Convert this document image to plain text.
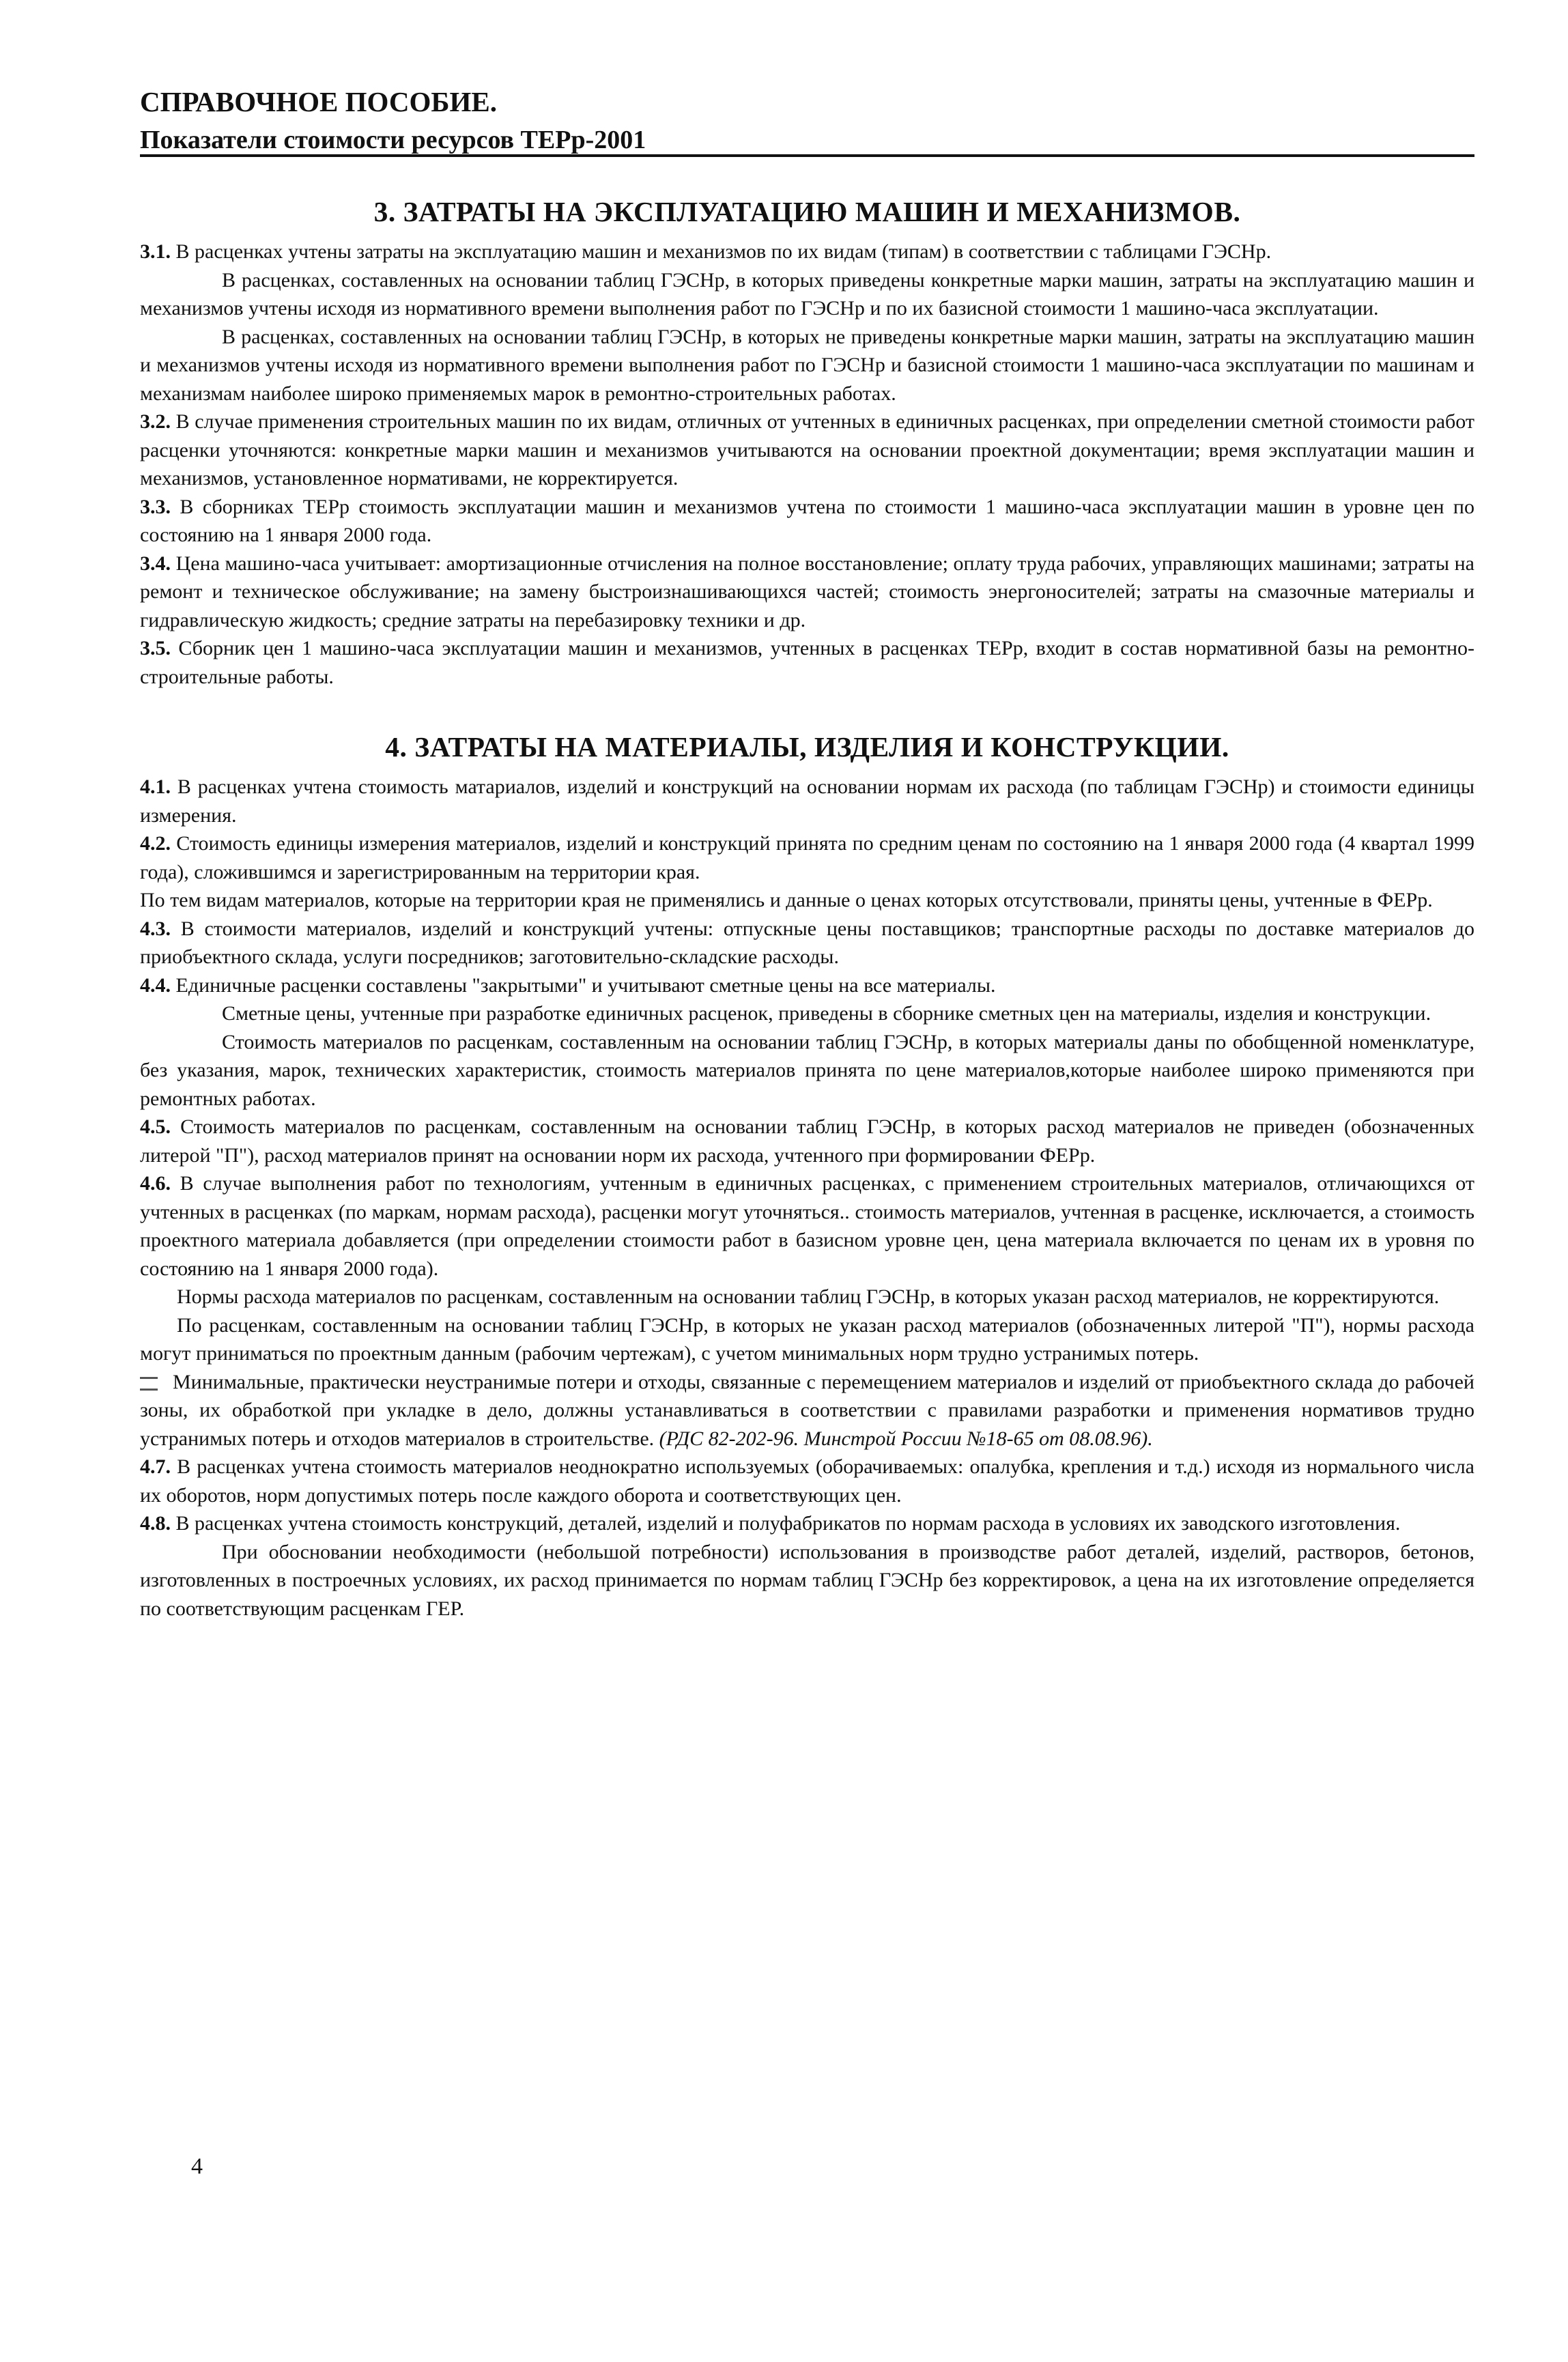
СПРАВОЧНОЕ ПОСОБИЕ.
Показатели стоимости ресурсов ТЕРр-2001
3. ЗАТРАТЫ НА ЭКСПЛУАТАЦИЮ МАШИН И МЕХАНИЗМОВ.

3.1. В расценках учтены затраты на эксплуатацию машин и механизмов по их видам (типам) в соответствии с таблицами ГЭСНр.

В расценках, составленных на основании таблиц ГЭСНр, в которых приведены конкретные марки машин, затраты на эксплуатацию машин и механизмов учтены исходя из нормативного времени выполнения работ по ГЭСНр и по их базисной стоимости 1 машино-часа эксплуатации.

В расценках, составленных на основании таблиц ГЭСНр, в которых не приведены конкретные марки машин, затраты на эксплуатацию машин и механизмов учтены исходя из нормативного времени выполнения работ по ГЭСНр и базисной стоимости 1 машино-часа эксплуатации по машинам и механизмам наиболее широко применяемых марок в ремонтно-строительных работах.

3.2. В случае применения строительных машин по их видам, отличных от учтенных в единичных расценках, при определении сметной стоимости работ расценки уточняются: конкретные марки машин и механизмов учитываются на основании проектной документации; время эксплуатации машин и механизмов, установленное нормативами, не корректируется.

3.3. В сборниках ТЕРр стоимость эксплуатации машин и механизмов учтена по стоимости 1 машино-часа эксплуатации машин в уровне цен по состоянию на 1 января 2000 года.

3.4. Цена машино-часа учитывает: амортизационные отчисления на полное восстановление; оплату труда рабочих, управляющих машинами; затраты на ремонт и техническое обслуживание; на замену быстроизнашивающихся частей; стоимость энергоносителей; затраты на смазочные материалы и гидравлическую жидкость; средние затраты на перебазировку техники и др.

3.5. Сборник цен 1 машино-часа эксплуатации машин и механизмов, учтенных в расценках ТЕРр, входит в состав нормативной базы на ремонтно-строительные работы.

4. ЗАТРАТЫ НА МАТЕРИАЛЫ, ИЗДЕЛИЯ И КОНСТРУКЦИИ.

4.1. В расценках учтена стоимость матариалов, изделий и конструкций на основании нормам их расхода (по таблицам ГЭСНр) и стоимости единицы измерения.

4.2. Стоимость единицы измерения материалов, изделий и конструкций принята по средним ценам по состоянию на 1 января 2000 года (4 квартал 1999 года), сложившимся и зарегистрированным на территории края.

По тем видам материалов, которые на территории края не применялись и данные о ценах которых отсутствовали, приняты цены, учтенные в ФЕРр.

4.3. В стоимости материалов, изделий и конструкций учтены: отпускные цены поставщиков; транспортные расходы по доставке материалов до приобъектного склада, услуги посредников; заготовительно-складские расходы.

4.4. Единичные расценки составлены "закрытыми" и учитывают сметные цены на все материалы.

Сметные цены, учтенные при разработке единичных расценок, приведены в сборнике сметных цен на материалы, изделия и конструкции.

Стоимость материалов по расценкам, составленным на основании таблиц ГЭСНр, в которых материалы даны по обобщенной номенклатуре, без указания, марок, технических характеристик, стоимость материалов принята по цене материалов,которые наиболее широко применяются при ремонтных работах.

4.5. Стоимость материалов по расценкам, составленным на основании таблиц ГЭСНр, в которых расход материалов не приведен (обозначенных литерой "П"), расход материалов принят на основании норм их расхода, учтенного при формировании ФЕРр.

4.6. В случае выполнения работ по технологиям, учтенным в единичных расценках, с применением строительных материалов, отличающихся от учтенных в расценках (по маркам, нормам расхода), расценки могут уточняться.. стоимость материалов, учтенная в расценке, исключается, а стоимость проектного материала добавляется (при определении стоимости работ в базисном уровне цен, цена материала включается по ценам их в уровня по состоянию на 1 января 2000 года).

Нормы расхода материалов по расценкам, составленным на основании таблиц ГЭСНр, в которых указан расход материалов, не корректируются.

По расценкам, составленным на основании таблиц ГЭСНр, в которых не указан расход материалов (обозначенных литерой "П"), нормы расхода могут приниматься по проектным данным (рабочим чертежам), с учетом минимальных норм трудно устранимых потерь.

Минимальные, практически неустранимые потери и отходы, связанные с перемещением материалов и изделий от приобъектного склада до рабочей зоны, их обработкой при укладке в дело, должны устанавливаться в соответствии с правилами разработки и применения нормативов трудно устранимых потерь и отходов материалов в строительстве. (РДС 82-202-96. Минстрой России №18-65 от 08.08.96).

4.7. В расценках учтена стоимость материалов неоднократно используемых (оборачиваемых: опалубка, крепления и т.д.) исходя из нормального числа их оборотов, норм допустимых потерь после каждого оборота и соответствующих цен.

4.8. В расценках учтена стоимость конструкций, деталей, изделий и полуфабрикатов по нормам расхода в условиях их заводского изготовления.

При обосновании необходимости (небольшой потребности) использования в производстве работ деталей, изделий, растворов, бетонов, изготовленных в построечных условиях, их расход принимается по нормам таблиц ГЭСНр без корректировок, а цена на их изготовление определяется по соответствующим расценкам ГЕР.

4
